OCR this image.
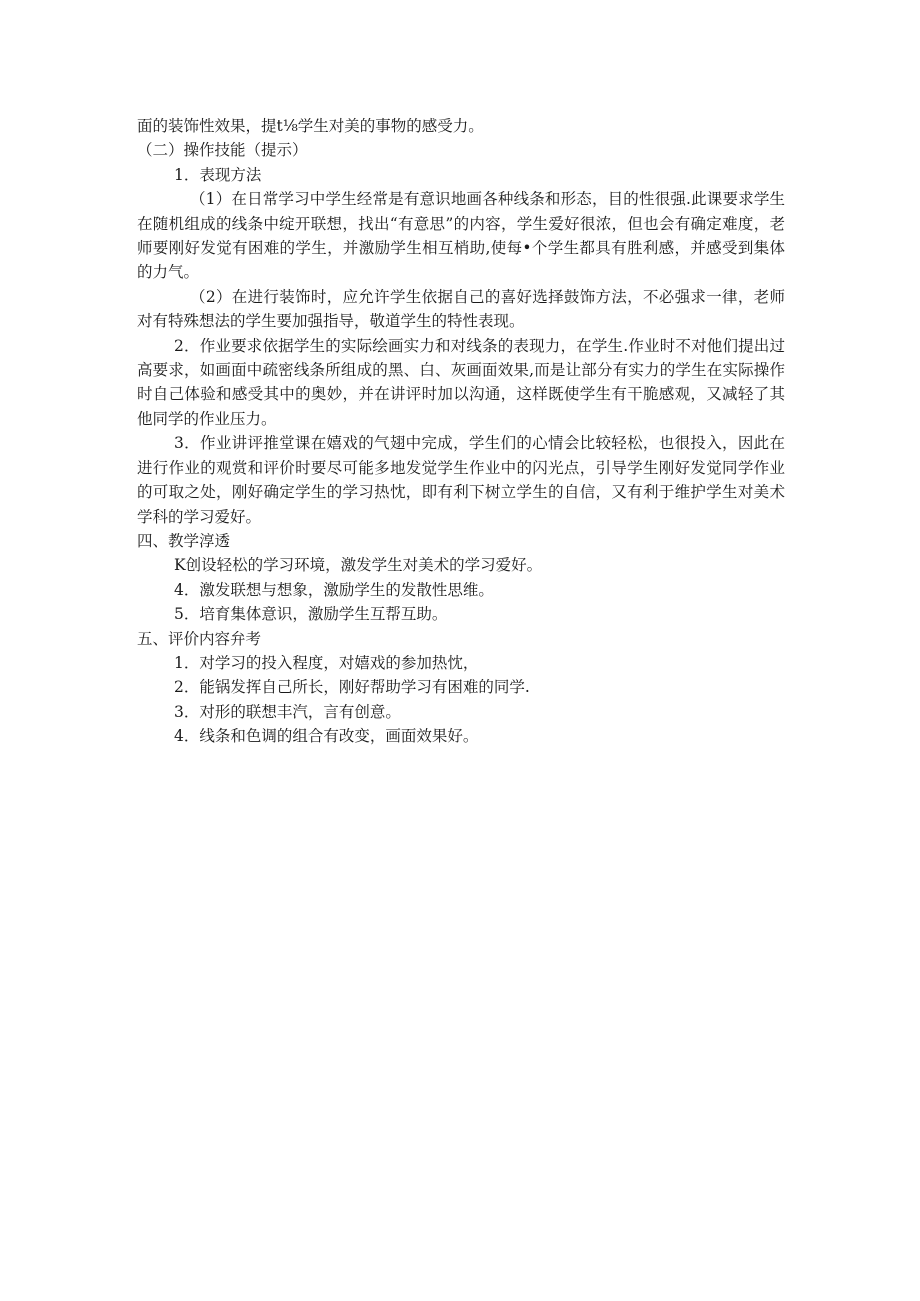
面的装饰性效果，提t⅛学生对美的事物的感受力。

（二）操作技能（提示）

1．表现方法

（1）在日常学习中学生经常是有意识地画各种线条和形态，目的性很强.此课要求学生在随机组成的线条中绽开联想，找出“有意思”的内容，学生爱好很浓，但也会有确定难度，老师要刚好发觉有困难的学生，并激励学生相互梢助,使每•个学生都具有胜利感，并感受到集体的力气。

（2）在进行装饰时，应允许学生依据自己的喜好选择鼓饰方法，不必强求一律，老师对有特殊想法的学生要加强指导，敬道学生的特性表现。

2．作业要求依据学生的实际绘画实力和对线条的表现力，在学生.作业时不对他们提出过高要求，如画面中疏密线条所组成的黑、白、灰画面效果,而是让部分有实力的学生在实际操作时自己体验和感受其中的奥妙，并在讲评时加以沟通，这样既使学生有干脆感观，又减轻了其他同学的作业压力。

3．作业讲评推堂课在嬉戏的气翅中完成，学生们的心情会比较轻松，也很投入，因此在进行作业的观赏和评价时要尽可能多地发觉学生作业中的闪光点，引导学生刚好发觉同学作业的可取之处，刚好确定学生的学习热忱，即有利下树立学生的自信，又有利于维护学生对美术学科的学习爱好。

四、教学淳透

K创设轻松的学习环境，激发学生对美术的学习爱好。

4．激发联想与想象，激励学生的发散性思维。

5．培育集体意识，激励学生互帮互助。

五、评价内容弁考

1．对学习的投入程度，对嬉戏的参加热忱，

2．能锅发挥自己所长，刚好帮助学习有困难的同学.

3．对形的联想丰汽，言有创意。

4．线条和色调的组合有改变，画面效果好。
